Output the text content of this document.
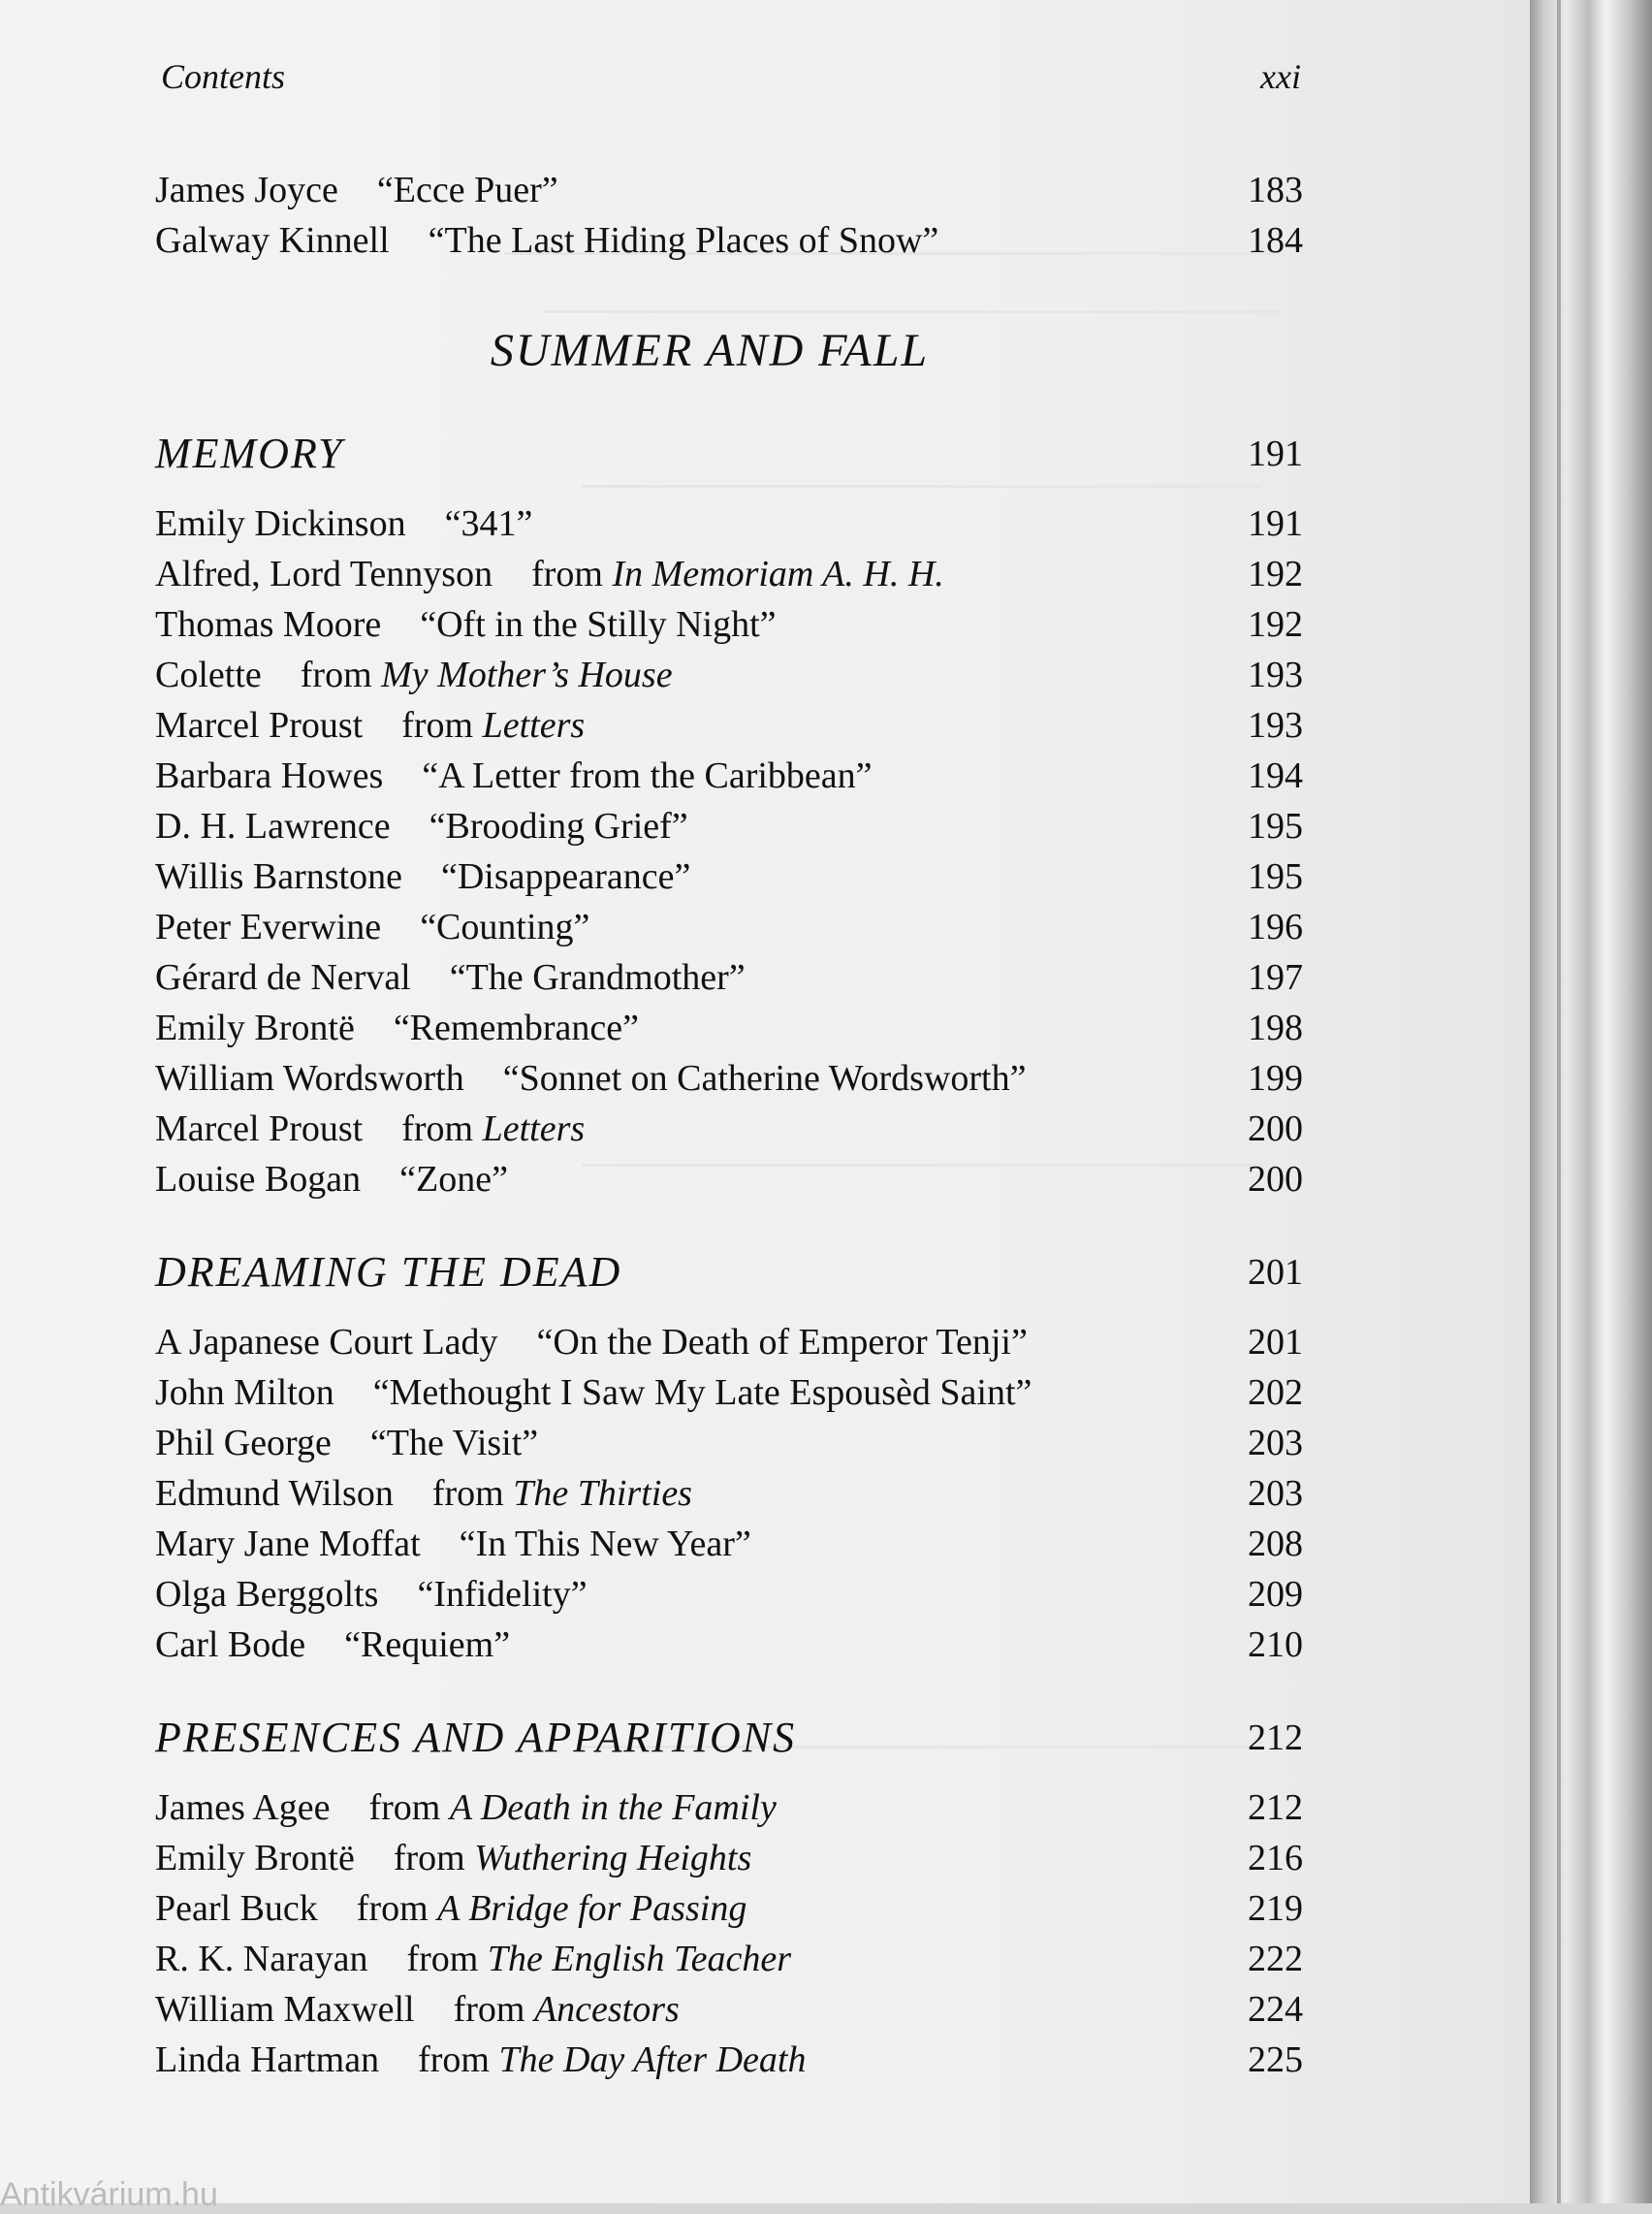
Contents	xxi
James Joyce “Ecce Puer”	183
Galway Kinnell “The Last Hiding Places of Snow”	184
SUMMER AND FALL
MEMORY	191
Emily Dickinson “341”	191
Alfred, Lord Tennyson from In Memoriam A. H. H.	192
Thomas Moore “Oft in the Stilly Night”	192
Colette from My Mother’s House	193
Marcel Proust from Letters	193
Barbara Howes “A Letter from the Caribbean”	194
D. H. Lawrence “Brooding Grief”	195
Willis Barnstone “Disappearance”	195
Peter Everwine “Counting”	196
Gérard de Nerval “The Grandmother”	197
Emily Brontë “Remembrance”	198
William Wordsworth “Sonnet on Catherine Wordsworth”	199
Marcel Proust from Letters	200
Louise Bogan “Zone”	200
DREAMING THE DEAD	201
A Japanese Court Lady “On the Death of Emperor Tenji”	201
John Milton “Methought I Saw My Late Espousèd Saint”	202
Phil George “The Visit”	203
Edmund Wilson from The Thirties	203
Mary Jane Moffat “In This New Year”	208
Olga Berggolts “Infidelity”	209
Carl Bode “Requiem”	210
PRESENCES AND APPARITIONS	212
James Agee from A Death in the Family	212
Emily Brontë from Wuthering Heights	216
Pearl Buck from A Bridge for Passing	219
R. K. Narayan from The English Teacher	222
William Maxwell from Ancestors	224
Linda Hartman from The Day After Death	225
Antikvárium.hu
